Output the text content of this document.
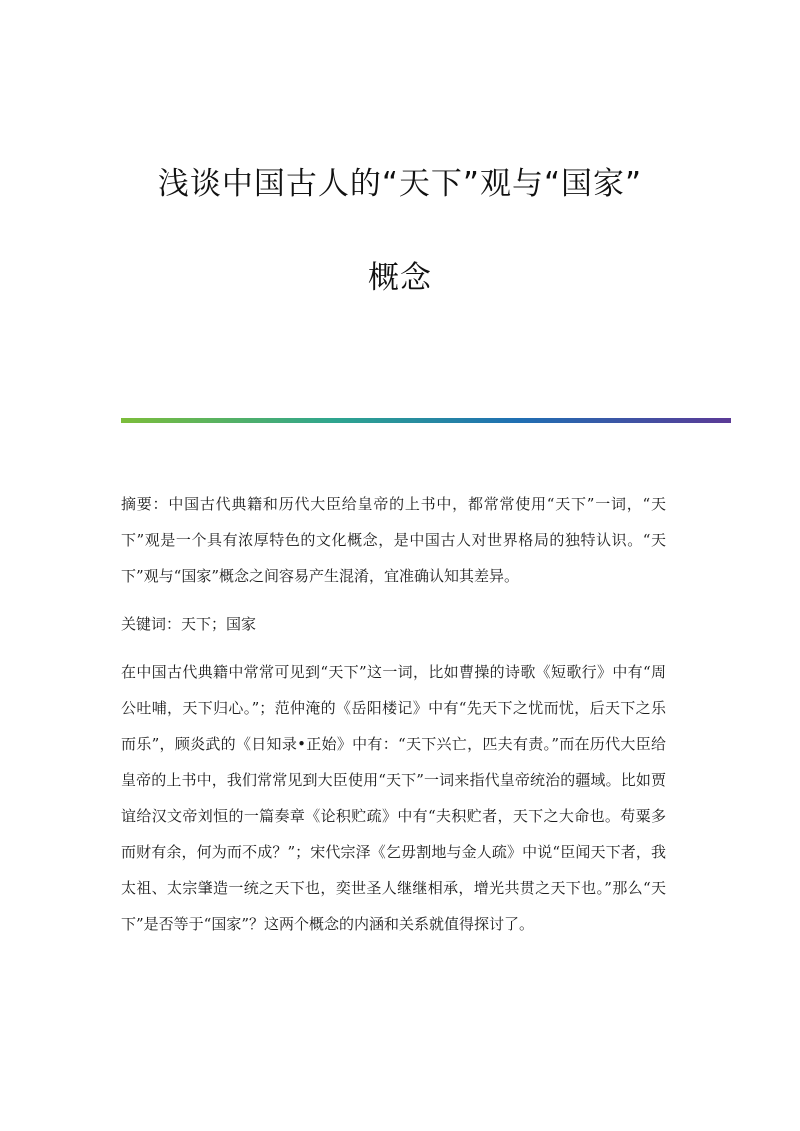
浅谈中国古人的“天下”观与“国家”
概念

摘要：中国古代典籍和历代大臣给皇帝的上书中，都常常使用“天下”一词，“天下”观是一个具有浓厚特色的文化概念，是中国古人对世界格局的独特认识。“天下”观与“国家”概念之间容易产生混淆，宜准确认知其差异。

关键词：天下；国家

在中国古代典籍中常常可见到“天下”这一词，比如曹操的诗歌《短歌行》中有“周公吐哺，天下归心。”；范仲淹的《岳阳楼记》中有“先天下之忧而忧，后天下之乐而乐”，顾炎武的《日知录•正始》中有：“天下兴亡，匹夫有责。”而在历代大臣给皇帝的上书中，我们常常见到大臣使用“天下”一词来指代皇帝统治的疆域。比如贾谊给汉文帝刘恒的一篇奏章《论积贮疏》中有“夫积贮者，天下之大命也。苟粟多而财有余，何为而不成？”；宋代宗泽《乞毋割地与金人疏》中说“臣闻天下者，我太祖、太宗肇造一统之天下也，奕世圣人继继相承，增光共贯之天下也。”那么“天下”是否等于“国家”？这两个概念的内涵和关系就值得探讨了。
